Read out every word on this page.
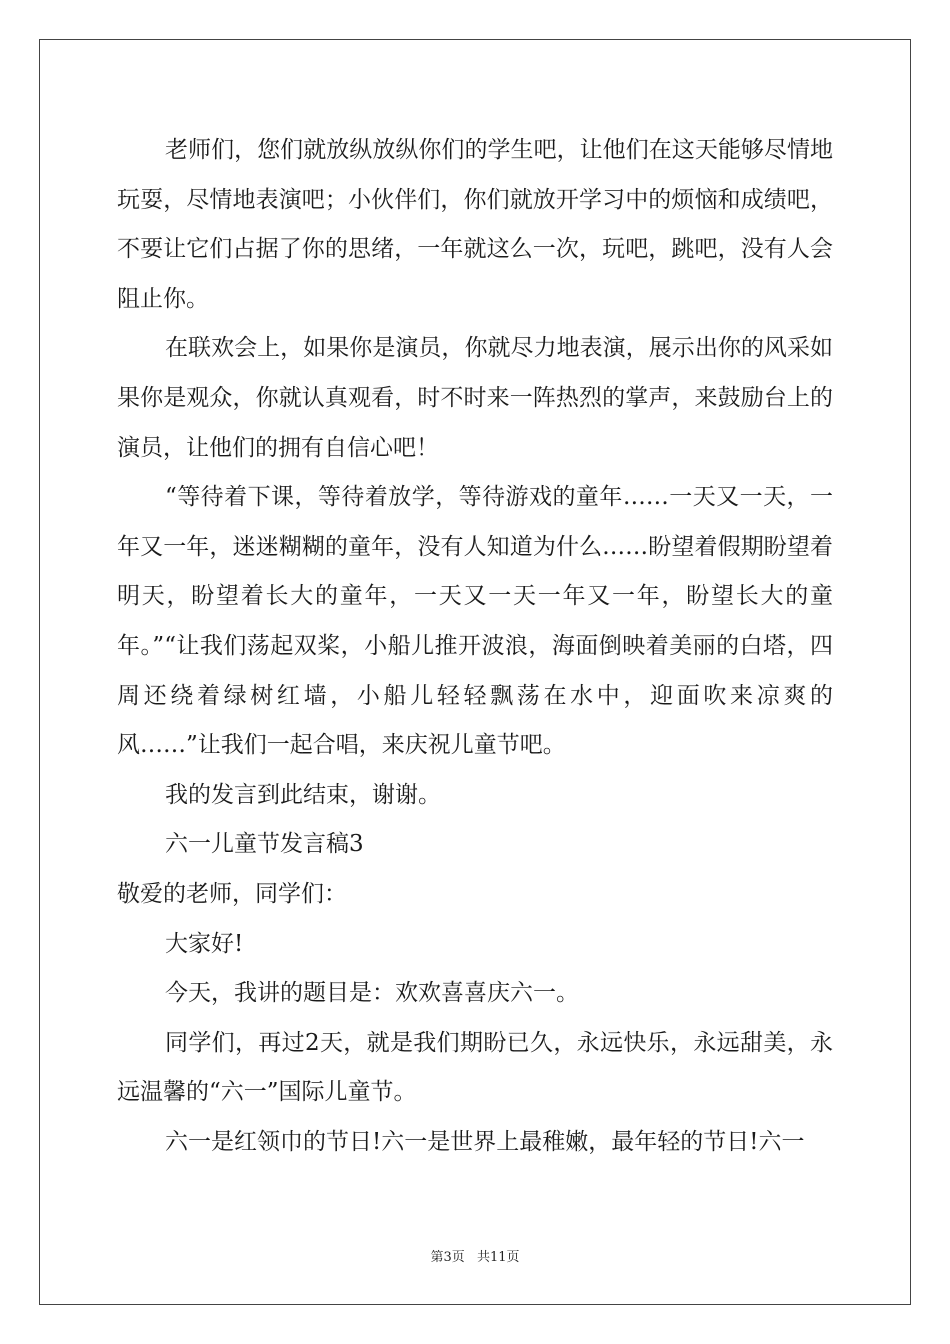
老师们，您们就放纵放纵你们的学生吧，让他们在这天能够尽情地玩耍，尽情地表演吧；小伙伴们，你们就放开学习中的烦恼和成绩吧，不要让它们占据了你的思绪，一年就这么一次，玩吧，跳吧，没有人会阻止你。

在联欢会上，如果你是演员，你就尽力地表演，展示出你的风采如果你是观众，你就认真观看，时不时来一阵热烈的掌声，来鼓励台上的演员，让他们的拥有自信心吧！

“等待着下课，等待着放学，等待游戏的童年……一天又一天，一年又一年，迷迷糊糊的童年，没有人知道为什么……盼望着假期盼望着明天，盼望着长大的童年，一天又一天一年又一年，盼望长大的童年。”“让我们荡起双桨，小船儿推开波浪，海面倒映着美丽的白塔，四周还绕着绿树红墙，小船儿轻轻飘荡在水中，迎面吹来凉爽的风……”让我们一起合唱，来庆祝儿童节吧。

我的发言到此结束，谢谢。

六一儿童节发言稿3

敬爱的老师，同学们：

大家好!

今天，我讲的题目是：欢欢喜喜庆六一。

同学们，再过2天，就是我们期盼已久，永远快乐，永远甜美，永远温馨的“六一”国际儿童节。

六一是红领巾的节日!六一是世界上最稚嫩，最年轻的节日!六一

第3页 共11页
